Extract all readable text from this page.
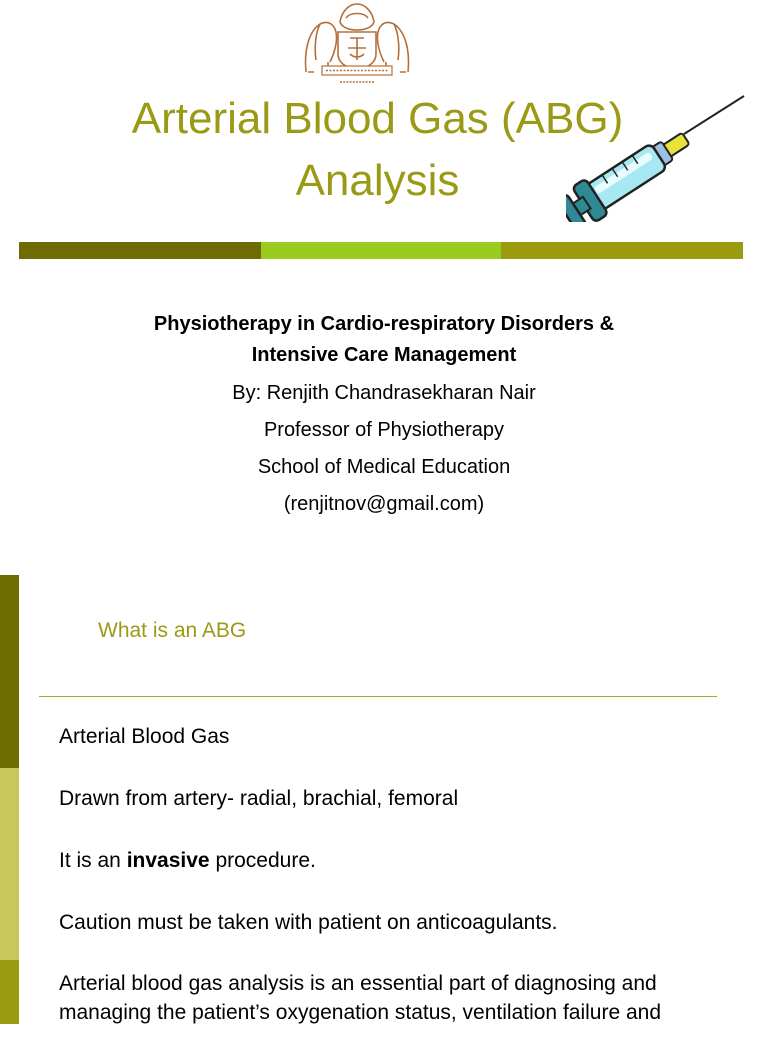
Arterial Blood Gas (ABG)
Analysis
Physiotherapy in Cardio-respiratory Disorders &
Intensive Care Management
By: Renjith Chandrasekharan Nair
Professor of Physiotherapy
School of Medical Education
(renjitnov@gmail.com)
What is an ABG

Arterial Blood Gas

Drawn from artery- radial, brachial, femoral

It is an invasive procedure.

Caution must be taken with patient on anticoagulants.

Arterial blood gas analysis is an essential part of diagnosing and
managing the patient’s oxygenation status, ventilation failure and
